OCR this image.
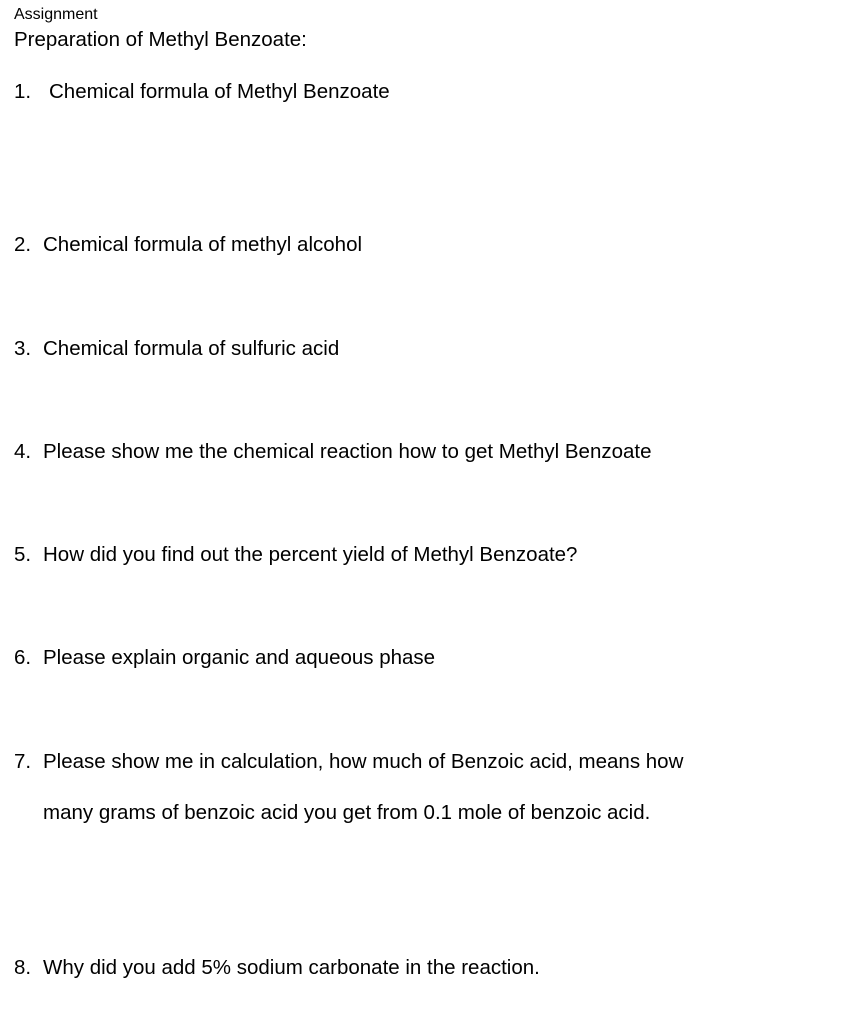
Assignment
Preparation of Methyl Benzoate:
1. Chemical formula of Methyl Benzoate
2. Chemical formula of methyl alcohol
3. Chemical formula of sulfuric acid
4. Please show me the chemical reaction how to get Methyl Benzoate
5. How did you find out the percent yield of Methyl Benzoate?
6. Please explain organic and aqueous phase
7. Please show me in calculation, how much of Benzoic acid, means how
many grams of benzoic acid you get from 0.1 mole of benzoic acid.
8. Why did you add 5% sodium carbonate in the reaction.
